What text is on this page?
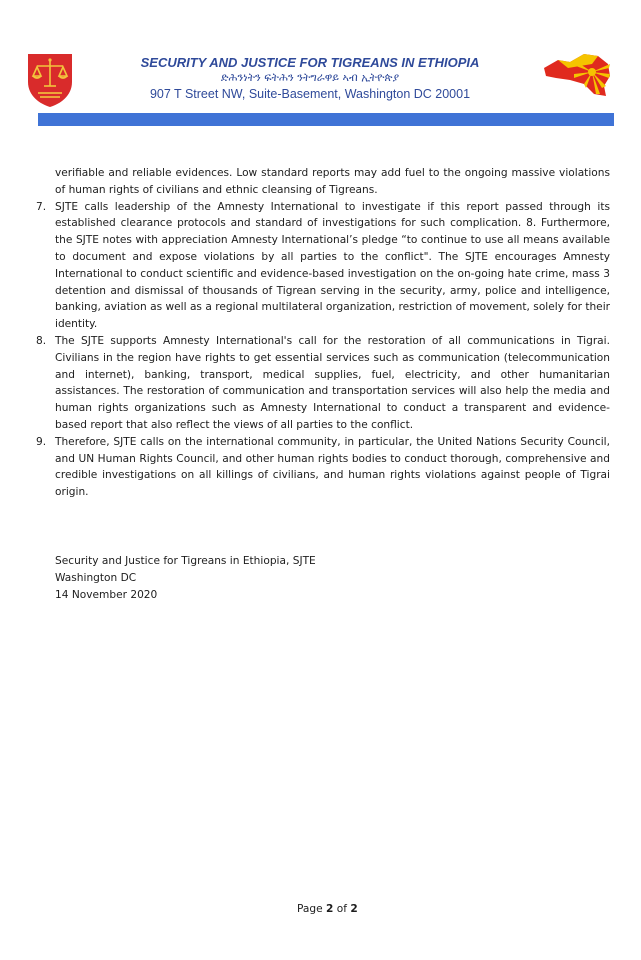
SECURITY AND JUSTICE FOR TIGREANS IN ETHIOPIA
ድሕንነትን ፍትሕን ንትግራዋይ ኣብ ኢትዮጵያ
907 T Street NW, Suite-Basement, Washington DC 20001

verifiable and reliable evidences. Low standard reports may add fuel to the ongoing massive violations of human rights of civilians and ethnic cleansing of Tigreans.

7. SJTE calls leadership of the Amnesty International to investigate if this report passed through its established clearance protocols and standard of investigations for such complication. 8. Furthermore, the SJTE notes with appreciation Amnesty International’s pledge “to continue to use all means available to document and expose violations by all parties to the conflict". The SJTE encourages Amnesty International to conduct scientific and evidence-based investigation on the on-going hate crime, mass 3 detention and dismissal of thousands of Tigrean serving in the security, army, police and intelligence, banking, aviation as well as a regional multilateral organization, restriction of movement, solely for their identity.

8. The SJTE supports Amnesty International's call for the restoration of all communications in Tigrai. Civilians in the region have rights to get essential services such as communication (telecommunication and internet), banking, transport, medical supplies, fuel, electricity, and other humanitarian assistances. The restoration of communication and transportation services will also help the media and human rights organizations such as Amnesty International to conduct a transparent and evidence-based report that also reflect the views of all parties to the conflict.

9. Therefore, SJTE calls on the international community, in particular, the United Nations Security Council, and UN Human Rights Council, and other human rights bodies to conduct thorough, comprehensive and credible investigations on all killings of civilians, and human rights violations against people of Tigrai origin.

Security and Justice for Tigreans in Ethiopia, SJTE
Washington DC
14 November 2020
Page 2 of 2
